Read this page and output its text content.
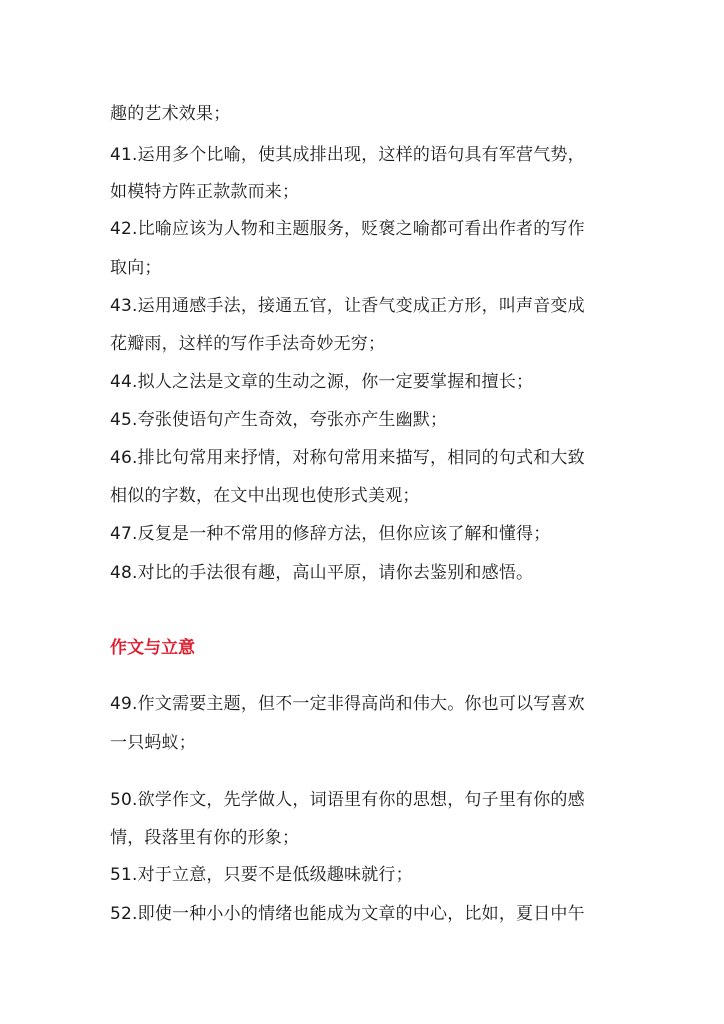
趣的艺术效果；
41.运用多个比喻，使其成排出现，这样的语句具有军营气势，
如模特方阵正款款而来；
42.比喻应该为人物和主题服务，贬褒之喻都可看出作者的写作
取向；
43.运用通感手法，接通五官，让香气变成正方形，叫声音变成
花瓣雨，这样的写作手法奇妙无穷；
44.拟人之法是文章的生动之源，你一定要掌握和擅长；
45.夸张使语句产生奇效，夸张亦产生幽默；
46.排比句常用来抒情，对称句常用来描写，相同的句式和大致
相似的字数，在文中出现也使形式美观；
47.反复是一种不常用的修辞方法，但你应该了解和懂得；
48.对比的手法很有趣，高山平原，请你去鉴别和感悟。
作文与立意
49.作文需要主题，但不一定非得高尚和伟大。你也可以写喜欢
一只蚂蚁；
50.欲学作文，先学做人，词语里有你的思想，句子里有你的感
情，段落里有你的形象；
51.对于立意，只要不是低级趣味就行；
52.即使一种小小的情绪也能成为文章的中心，比如，夏日中午
